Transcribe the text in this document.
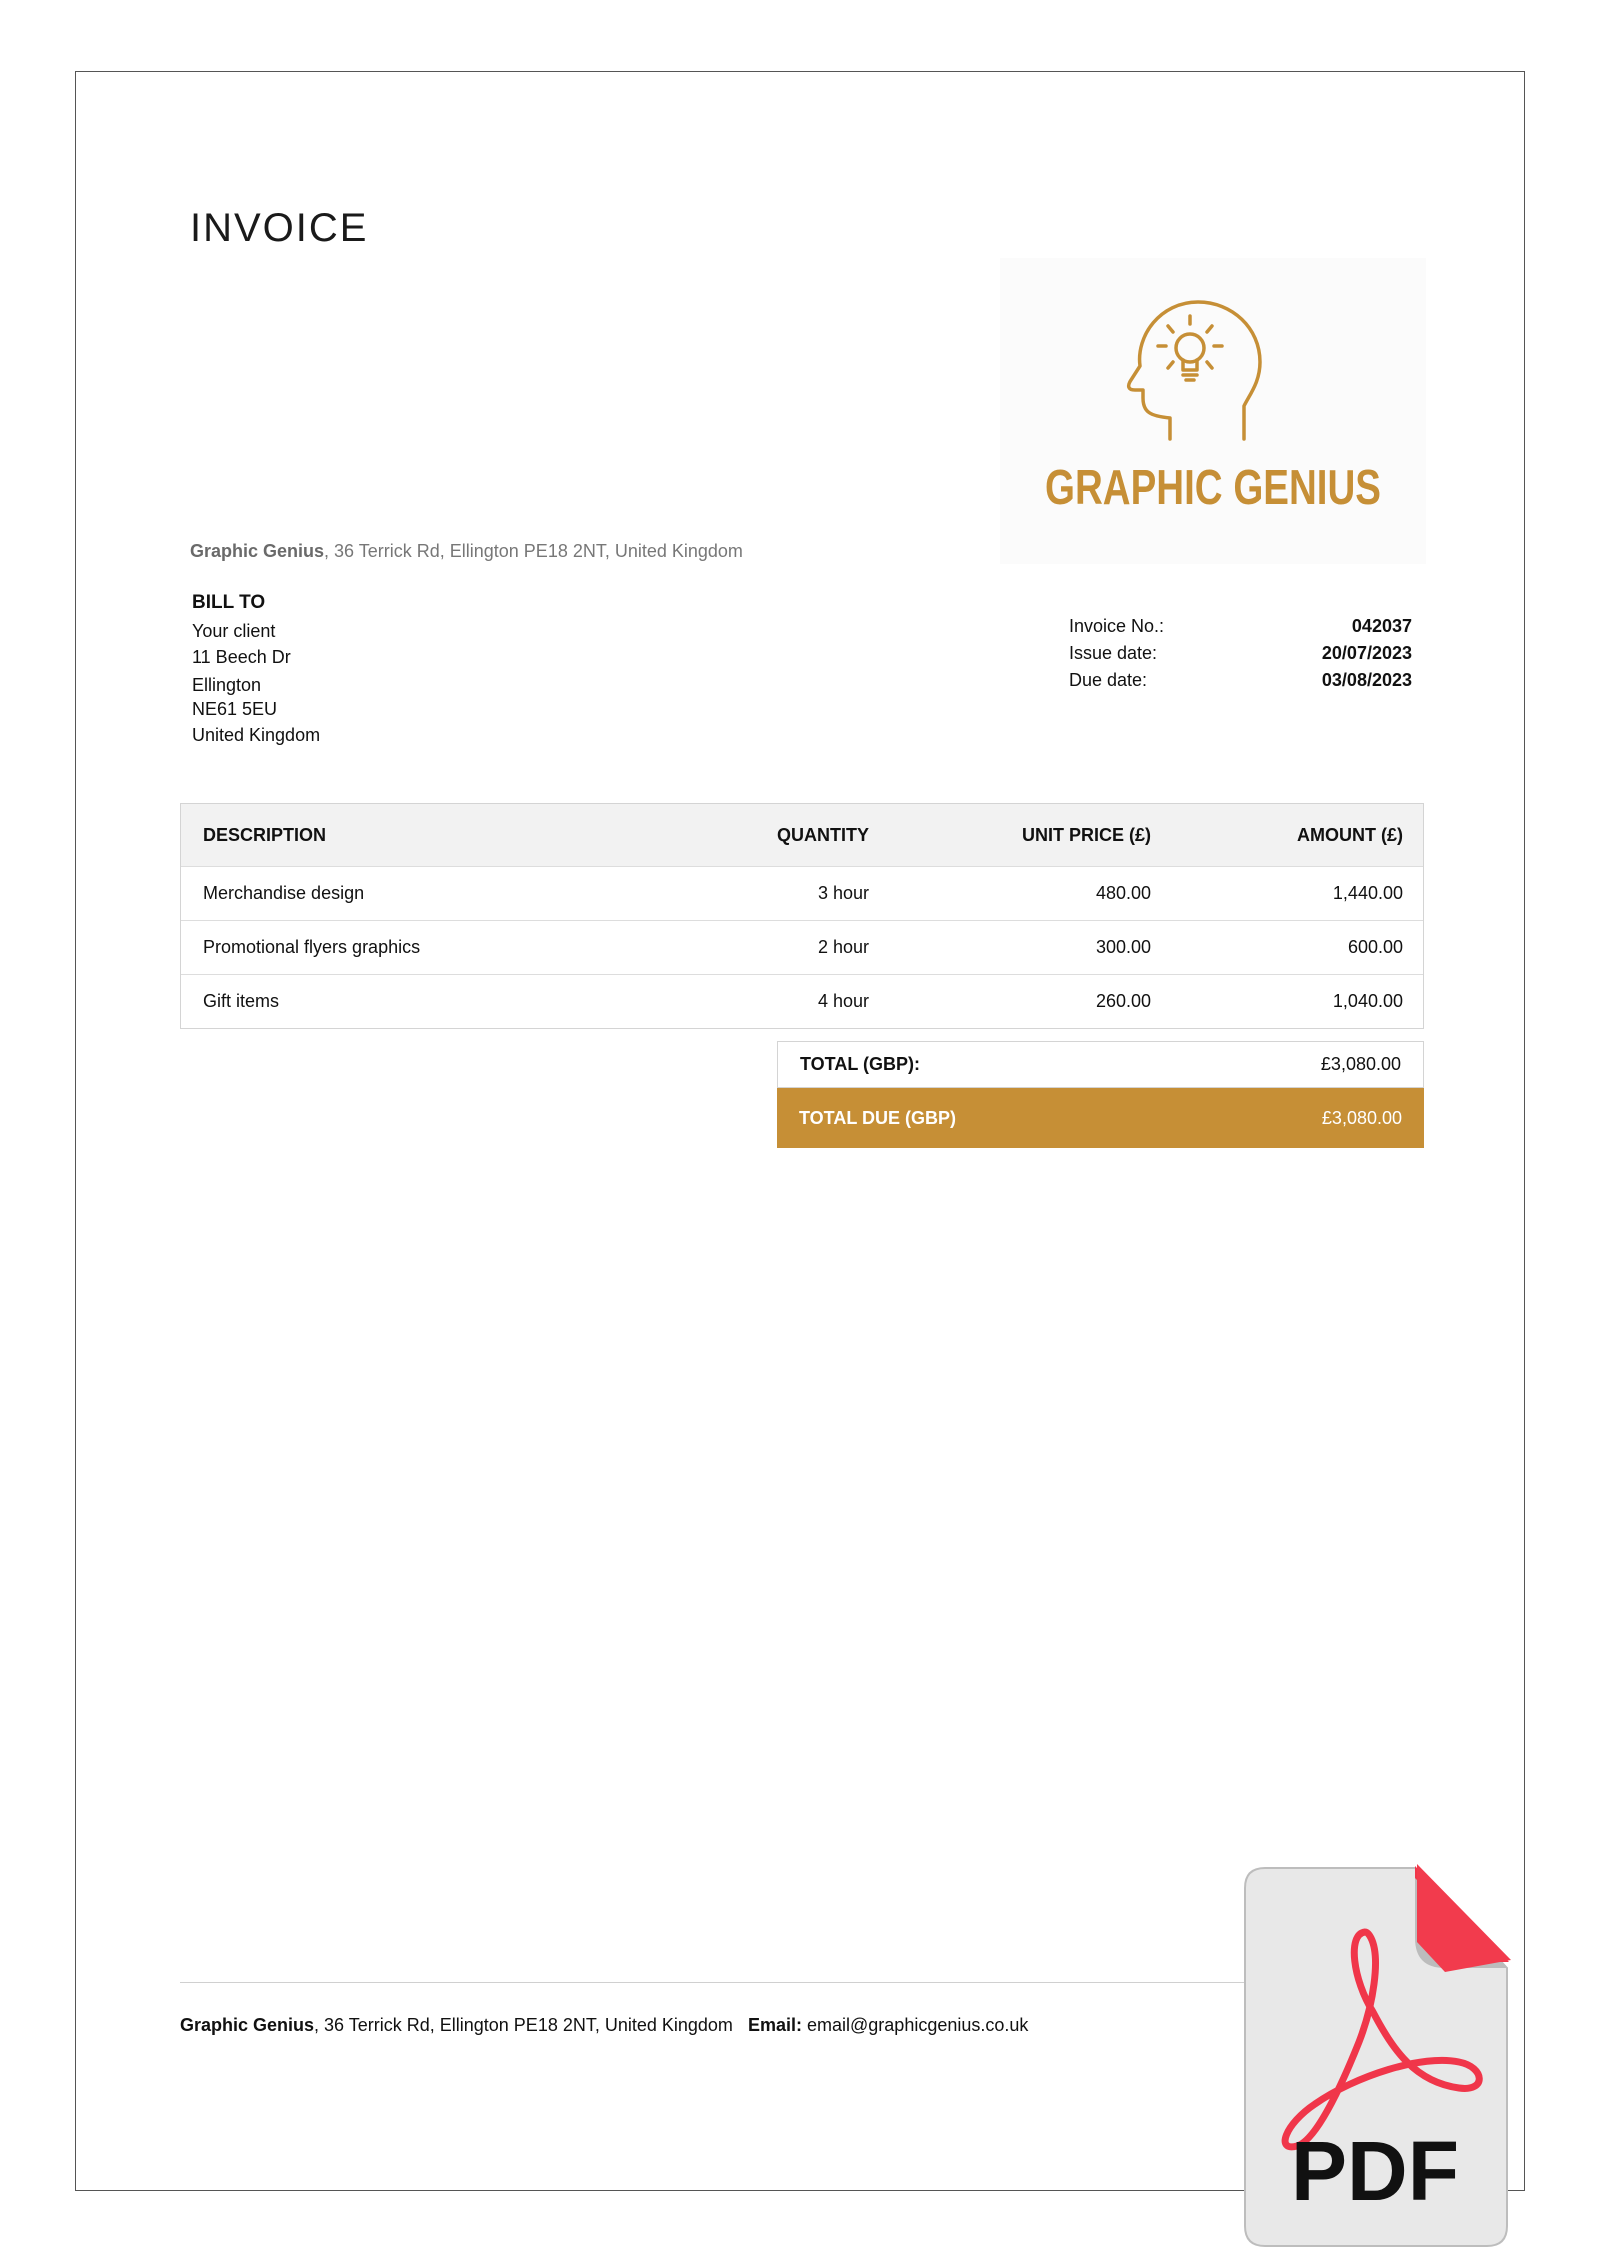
INVOICE
GRAPHIC GENIUS
Graphic Genius, 36 Terrick Rd, Ellington PE18 2NT, United Kingdom
BILL TO
Your client
11 Beech Dr
Ellington
NE61 5EU
United Kingdom
Invoice No.:	042037
Issue date:	20/07/2023
Due date:	03/08/2023
DESCRIPTION	QUANTITY	UNIT PRICE (£)	AMOUNT (£)
Merchandise design	3 hour	480.00	1,440.00
Promotional flyers graphics	2 hour	300.00	600.00
Gift items	4 hour	260.00	1,040.00
TOTAL (GBP):	£3,080.00
TOTAL DUE (GBP)	£3,080.00
Graphic Genius, 36 Terrick Rd, Ellington PE18 2NT, United Kingdom Email: email@graphicgenius.co.uk
PDF
